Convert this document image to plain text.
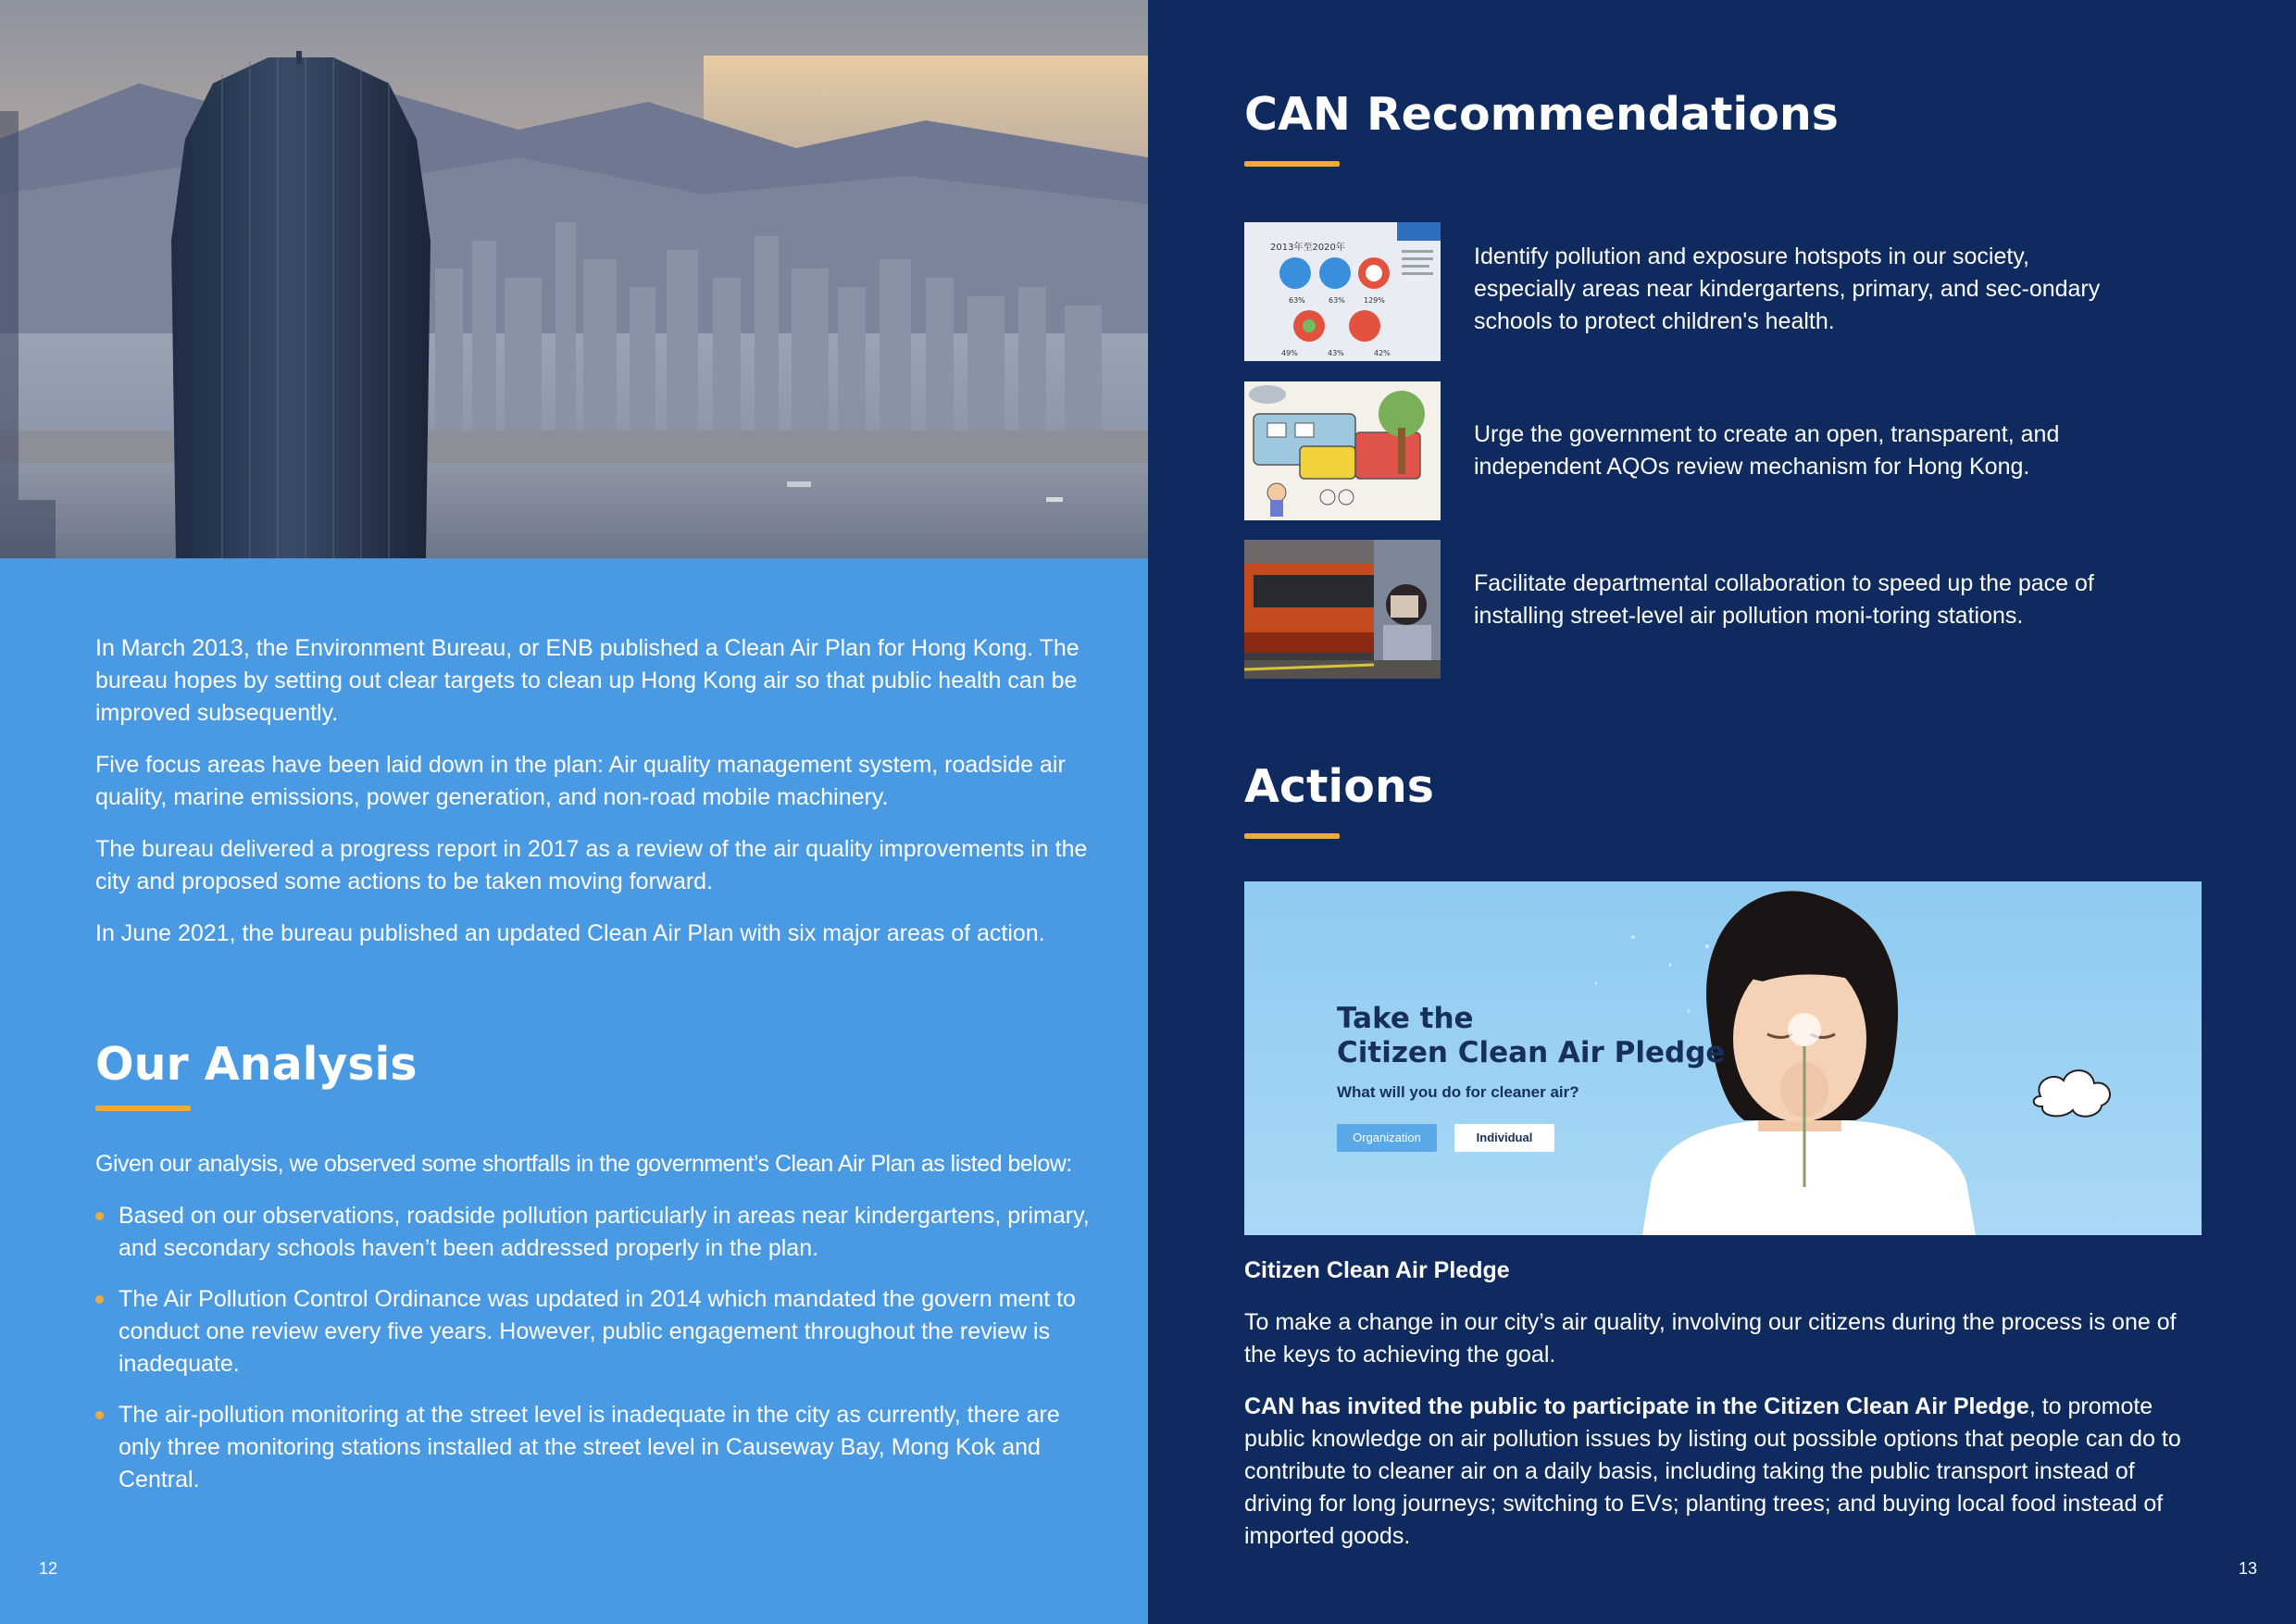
In March 2013, the Environment Bureau, or ENB published a Clean Air Plan for Hong Kong. The bureau hopes by setting out clear targets to clean up Hong Kong air so that public health can be improved subsequently.

Five focus areas have been laid down in the plan: Air quality management system, roadside air quality, marine emissions, power generation, and non-road mobile machinery.

The bureau delivered a progress report in 2017 as a review of the air quality improvements in the city and proposed some actions to be taken moving forward.

In June 2021, the bureau published an updated Clean Air Plan with six major areas of action.

Our Analysis

Given our analysis, we observed some shortfalls in the government’s Clean Air Plan as listed below:

Based on our observations, roadside pollution particularly in areas near kindergartens, primary, and secondary schools haven’t been addressed properly in the plan.
The Air Pollution Control Ordinance was updated in 2014 which mandated the govern ment to conduct one review every five years. However, public engagement throughout the review is inadequate.
The air-pollution monitoring at the street level is inadequate in the city as currently, there are only three monitoring stations installed at the street level in Causeway Bay, Mong Kok and Central.
12
CAN Recommendations
2013年至2020年
63%	63%	129%
49%	43%	42%

Identify pollution and exposure hotspots in our society, especially areas near kindergartens, primary, and sec-ondary schools to protect children's health.

Urge the government to create an open, transparent, and independent AQOs review mechanism for Hong Kong.

Facilitate departmental collaboration to speed up the pace of installing street-level air pollution moni-toring stations.

Actions
Take the
Citizen Clean Air Pledge
What will you do for cleaner air?
Organization	Individual
Citizen Clean Air Pledge

To make a change in our city’s air quality, involving our citizens during the process is one of the keys to achieving the goal.

CAN has invited the public to participate in the Citizen Clean Air Pledge, to promote public knowledge on air pollution issues by listing out possible options that people can do to contribute to cleaner air on a daily basis, including taking the public transport instead of driving for long journeys; switching to EVs; planting trees; and buying local food instead of imported goods.

13
